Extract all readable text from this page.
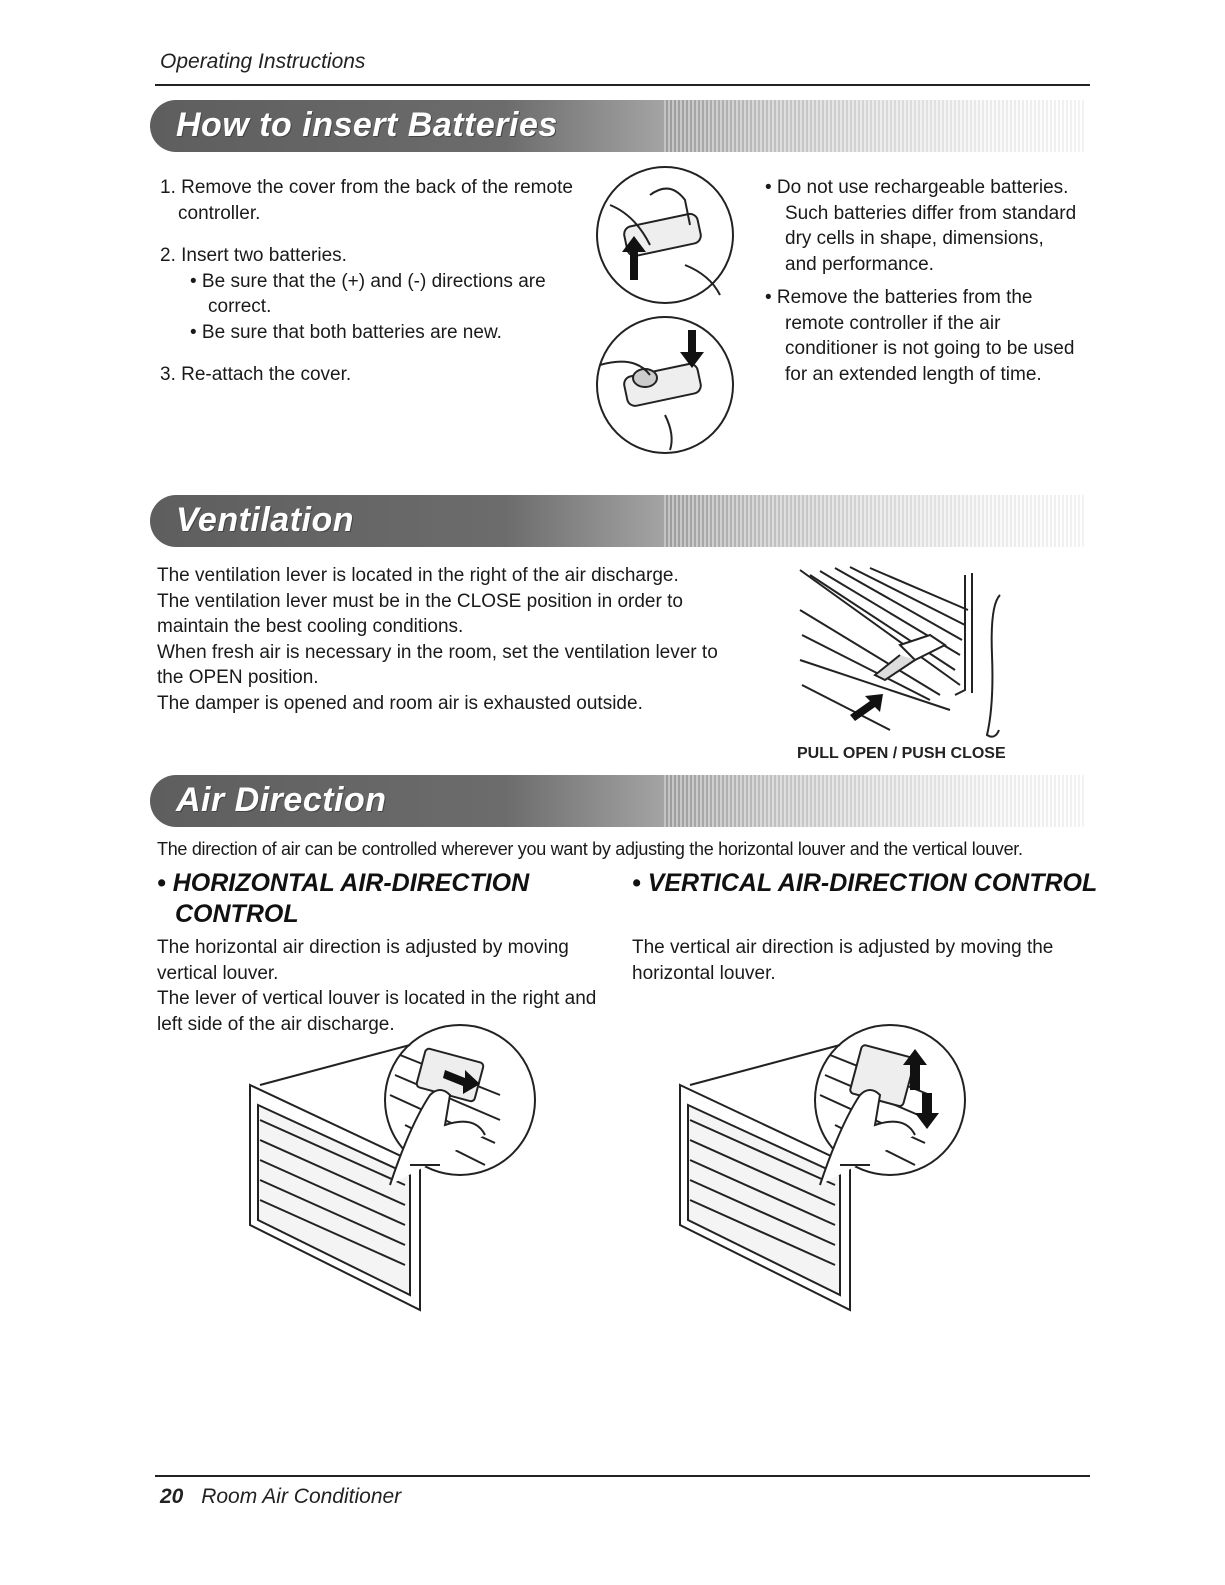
Operating Instructions
How to insert Batteries

1. Remove the cover from the back of the remote

controller.

2. Insert two batteries.

• Be sure that the (+) and (-) directions are

correct.

• Be sure that both batteries are new.

3. Re-attach the cover.

• Do not use rechargeable batteries. Such batteries differ from standard dry cells in shape, dimensions, and performance.

• Remove the batteries from the remote controller if the air conditioner is not going to be used for an extended length of time.

Ventilation

The ventilation lever is located in the right of the air discharge.

The ventilation lever must be in the CLOSE position in order to

maintain the best cooling conditions.

When fresh air is necessary in the room, set the ventilation lever to

the OPEN position.

The damper is opened and room air is exhausted outside.

PULL OPEN / PUSH CLOSE
Air Direction
The direction of air can be controlled wherever you want by adjusting the horizontal louver and the vertical louver.
• HORIZONTAL AIR-DIRECTION
CONTROL
• VERTICAL AIR-DIRECTION CONTROL

The horizontal air direction is adjusted by moving

vertical louver.

The lever of vertical louver is located in the right and

left side of the air discharge.

The vertical air direction is adjusted by moving the

horizontal louver.

20 Room Air Conditioner
